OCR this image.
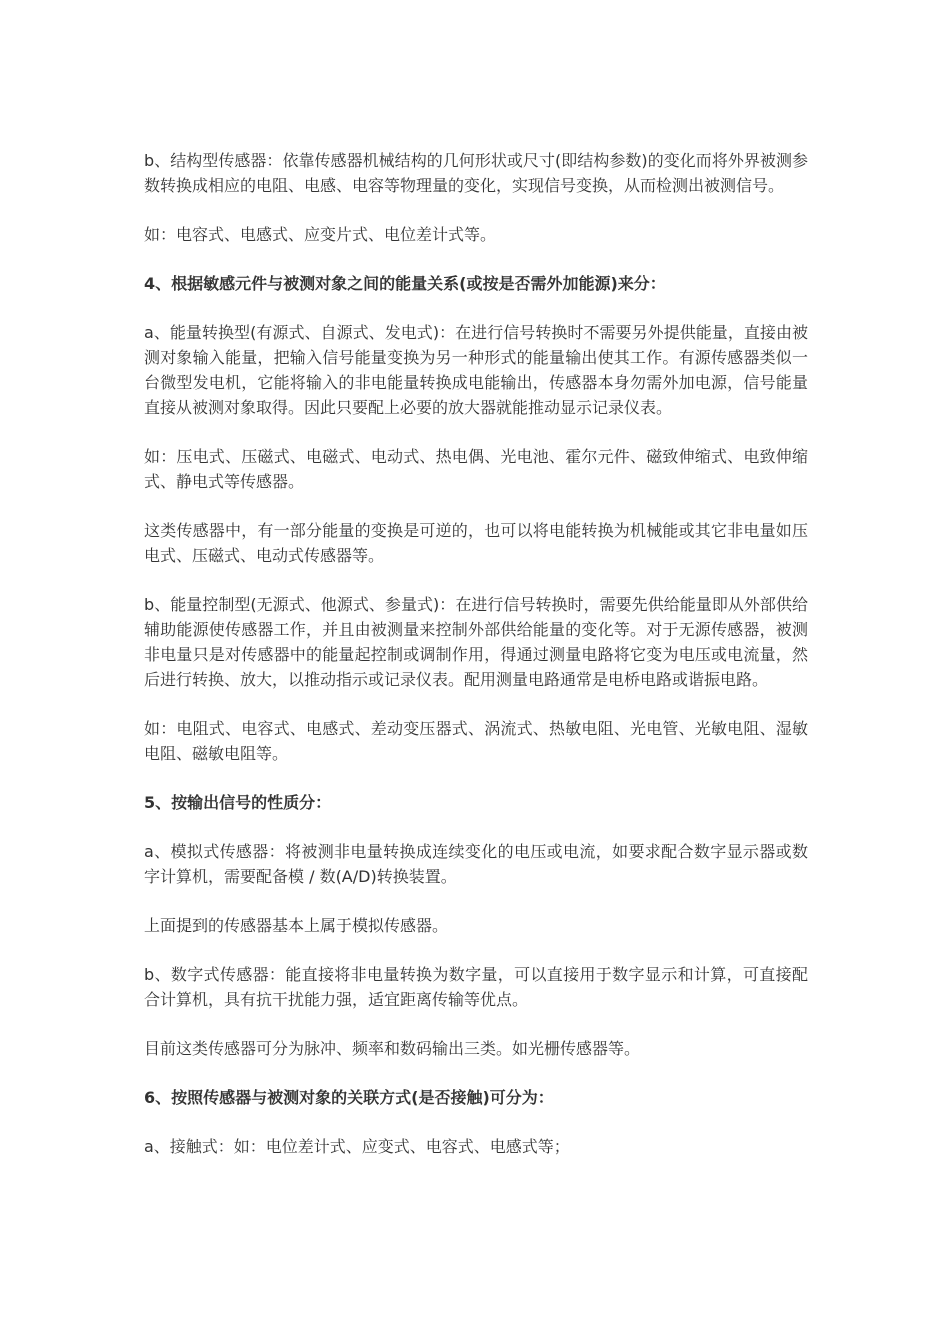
b、结构型传感器：依靠传感器机械结构的几何形状或尺寸(即结构参数)的变化而将外界被测参数转换成相应的电阻、电感、电容等物理量的变化，实现信号变换，从而检测出被测信号。

如：电容式、电感式、应变片式、电位差计式等。

4、根据敏感元件与被测对象之间的能量关系(或按是否需外加能源)来分：

a、能量转换型(有源式、自源式、发电式)：在进行信号转换时不需要另外提供能量，直接由被测对象输入能量，把输入信号能量变换为另一种形式的能量输出使其工作。有源传感器类似一台微型发电机，它能将输入的非电能量转换成电能输出，传感器本身勿需外加电源，信号能量直接从被测对象取得。因此只要配上必要的放大器就能推动显示记录仪表。

如：压电式、压磁式、电磁式、电动式、热电偶、光电池、霍尔元件、磁致伸缩式、电致伸缩式、静电式等传感器。

这类传感器中，有一部分能量的变换是可逆的，也可以将电能转换为机械能或其它非电量如压电式、压磁式、电动式传感器等。

b、能量控制型(无源式、他源式、参量式)：在进行信号转换时，需要先供给能量即从外部供给辅助能源使传感器工作，并且由被测量来控制外部供给能量的变化等。对于无源传感器，被测非电量只是对传感器中的能量起控制或调制作用，得通过测量电路将它变为电压或电流量，然后进行转换、放大，以推动指示或记录仪表。配用测量电路通常是电桥电路或谐振电路。

如：电阻式、电容式、电感式、差动变压器式、涡流式、热敏电阻、光电管、光敏电阻、湿敏电阻、磁敏电阻等。

5、按输出信号的性质分：

a、模拟式传感器：将被测非电量转换成连续变化的电压或电流，如要求配合数字显示器或数字计算机，需要配备模 / 数(A/D)转换装置。

上面提到的传感器基本上属于模拟传感器。

b、数字式传感器：能直接将非电量转换为数字量，可以直接用于数字显示和计算，可直接配合计算机，具有抗干扰能力强，适宜距离传输等优点。

目前这类传感器可分为脉冲、频率和数码输出三类。如光栅传感器等。

6、按照传感器与被测对象的关联方式(是否接触)可分为：

a、接触式：如：电位差计式、应变式、电容式、电感式等；
